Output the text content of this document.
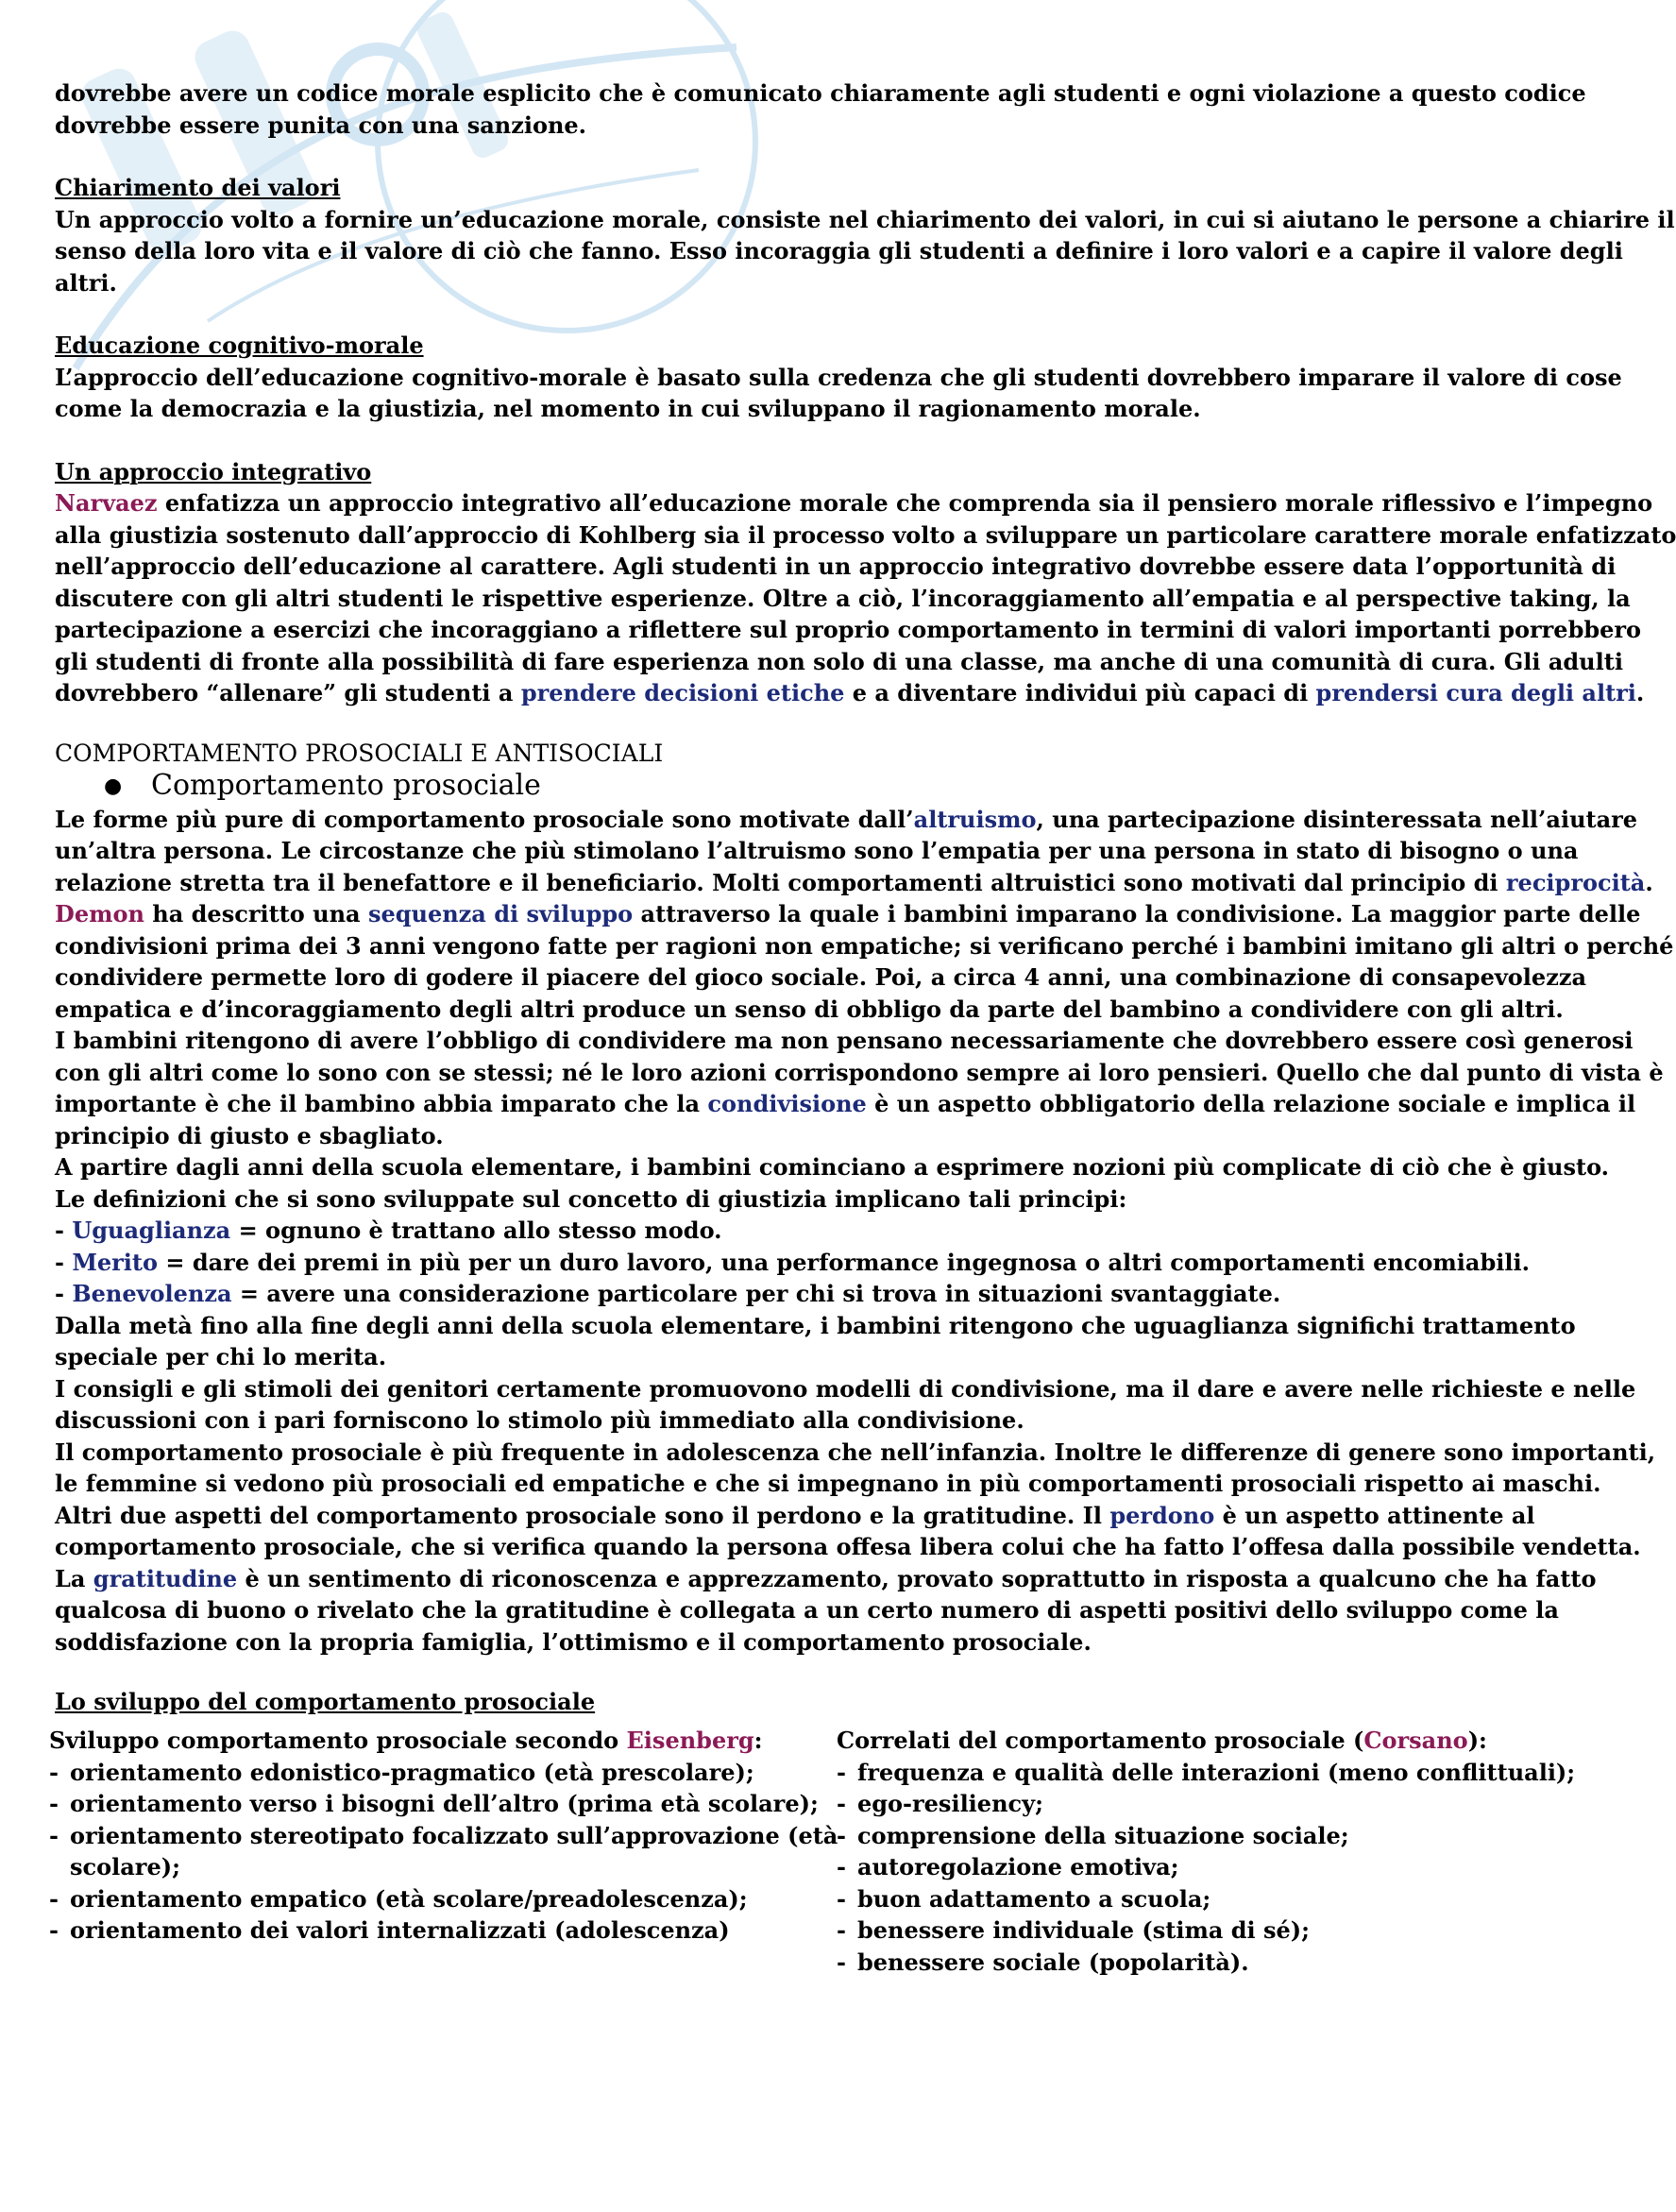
dovrebbe avere un codice morale esplicito che è comunicato chiaramente agli studenti e ogni violazione a questo codice

dovrebbe essere punita con una sanzione.

Chiarimento dei valori

Un approccio volto a fornire un’educazione morale, consiste nel chiarimento dei valori, in cui si aiutano le persone a chiarire il

senso della loro vita e il valore di ciò che fanno. Esso incoraggia gli studenti a definire i loro valori e a capire il valore degli

altri.

Educazione cognitivo-morale

L’approccio dell’educazione cognitivo-morale è basato sulla credenza che gli studenti dovrebbero imparare il valore di cose

come la democrazia e la giustizia, nel momento in cui sviluppano il ragionamento morale.

Un approccio integrativo

Narvaez enfatizza un approccio integrativo all’educazione morale che comprenda sia il pensiero morale riflessivo e l’impegno

alla giustizia sostenuto dall’approccio di Kohlberg sia il processo volto a sviluppare un particolare carattere morale enfatizzato

nell’approccio dell’educazione al carattere. Agli studenti in un approccio integrativo dovrebbe essere data l’opportunità di

discutere con gli altri studenti le rispettive esperienze. Oltre a ciò, l’incoraggiamento all’empatia e al perspective taking, la

partecipazione a esercizi che incoraggiano a riflettere sul proprio comportamento in termini di valori importanti porrebbero

gli studenti di fronte alla possibilità di fare esperienza non solo di una classe, ma anche di una comunità di cura. Gli adulti

dovrebbero “allenare” gli studenti a prendere decisioni etiche e a diventare individui più capaci di prendersi cura degli altri.

COMPORTAMENTO PROSOCIALI E ANTISOCIALI

● Comportamento prosociale

Le forme più pure di comportamento prosociale sono motivate dall’altruismo, una partecipazione disinteressata nell’aiutare

un’altra persona. Le circostanze che più stimolano l’altruismo sono l’empatia per una persona in stato di bisogno o una

relazione stretta tra il benefattore e il beneficiario. Molti comportamenti altruistici sono motivati dal principio di reciprocità.

Demon ha descritto una sequenza di sviluppo attraverso la quale i bambini imparano la condivisione. La maggior parte delle

condivisioni prima dei 3 anni vengono fatte per ragioni non empatiche; si verificano perché i bambini imitano gli altri o perché

condividere permette loro di godere il piacere del gioco sociale. Poi, a circa 4 anni, una combinazione di consapevolezza

empatica e d’incoraggiamento degli altri produce un senso di obbligo da parte del bambino a condividere con gli altri.

I bambini ritengono di avere l’obbligo di condividere ma non pensano necessariamente che dovrebbero essere così generosi

con gli altri come lo sono con se stessi; né le loro azioni corrispondono sempre ai loro pensieri. Quello che dal punto di vista è

importante è che il bambino abbia imparato che la condivisione è un aspetto obbligatorio della relazione sociale e implica il

principio di giusto e sbagliato.

A partire dagli anni della scuola elementare, i bambini cominciano a esprimere nozioni più complicate di ciò che è giusto.

Le definizioni che si sono sviluppate sul concetto di giustizia implicano tali principi:

- Uguaglianza = ognuno è trattano allo stesso modo.

- Merito = dare dei premi in più per un duro lavoro, una performance ingegnosa o altri comportamenti encomiabili.

- Benevolenza = avere una considerazione particolare per chi si trova in situazioni svantaggiate.

Dalla metà fino alla fine degli anni della scuola elementare, i bambini ritengono che uguaglianza significhi trattamento

speciale per chi lo merita.

I consigli e gli stimoli dei genitori certamente promuovono modelli di condivisione, ma il dare e avere nelle richieste e nelle

discussioni con i pari forniscono lo stimolo più immediato alla condivisione.

Il comportamento prosociale è più frequente in adolescenza che nell’infanzia. Inoltre le differenze di genere sono importanti,

le femmine si vedono più prosociali ed empatiche e che si impegnano in più comportamenti prosociali rispetto ai maschi.

Altri due aspetti del comportamento prosociale sono il perdono e la gratitudine. Il perdono è un aspetto attinente al

comportamento prosociale, che si verifica quando la persona offesa libera colui che ha fatto l’offesa dalla possibile vendetta.

La gratitudine è un sentimento di riconoscenza e apprezzamento, provato soprattutto in risposta a qualcuno che ha fatto

qualcosa di buono o rivelato che la gratitudine è collegata a un certo numero di aspetti positivi dello sviluppo come la

soddisfazione con la propria famiglia, l’ottimismo e il comportamento prosociale.

Lo sviluppo del comportamento prosociale

Sviluppo comportamento prosociale secondo Eisenberg:

- orientamento edonistico-pragmatico (età prescolare);

- orientamento verso i bisogni dell’altro (prima età scolare);

- orientamento stereotipato focalizzato sull’approvazione (età

scolare);

- orientamento empatico (età scolare/preadolescenza);

- orientamento dei valori internalizzati (adolescenza)

Correlati del comportamento prosociale (Corsano):

- frequenza e qualità delle interazioni (meno conflittuali);

- ego-resiliency;

- comprensione della situazione sociale;

- autoregolazione emotiva;

- buon adattamento a scuola;

- benessere individuale (stima di sé);

- benessere sociale (popolarità).
